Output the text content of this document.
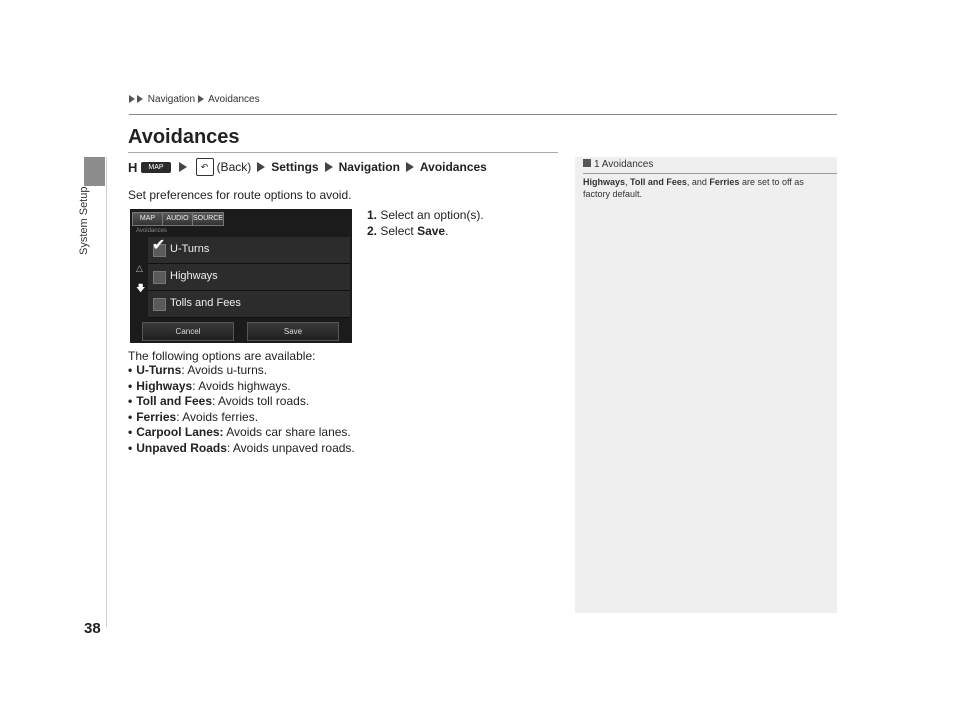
System Setup
Navigation Avoidances
Avoidances
H	MAP	↶ (Back) Settings Navigation Avoidances
Set preferences for route options to avoid.
MAP	AUDIO SOURCE
Avoidances
△
🡇
✔ U-Turns
Highways
Tolls and Fees
Cancel	Save
1. Select an option(s).
2. Select Save.
The following options are available:
• U-Turns: Avoids u-turns.
• Highways: Avoids highways.
• Toll and Fees: Avoids toll roads.
• Ferries: Avoids ferries.
• Carpool Lanes: Avoids car share lanes.
• Unpaved Roads: Avoids unpaved roads.
1 Avoidances
Highways, Toll and Fees, and Ferries are set to off as factory default.
38
